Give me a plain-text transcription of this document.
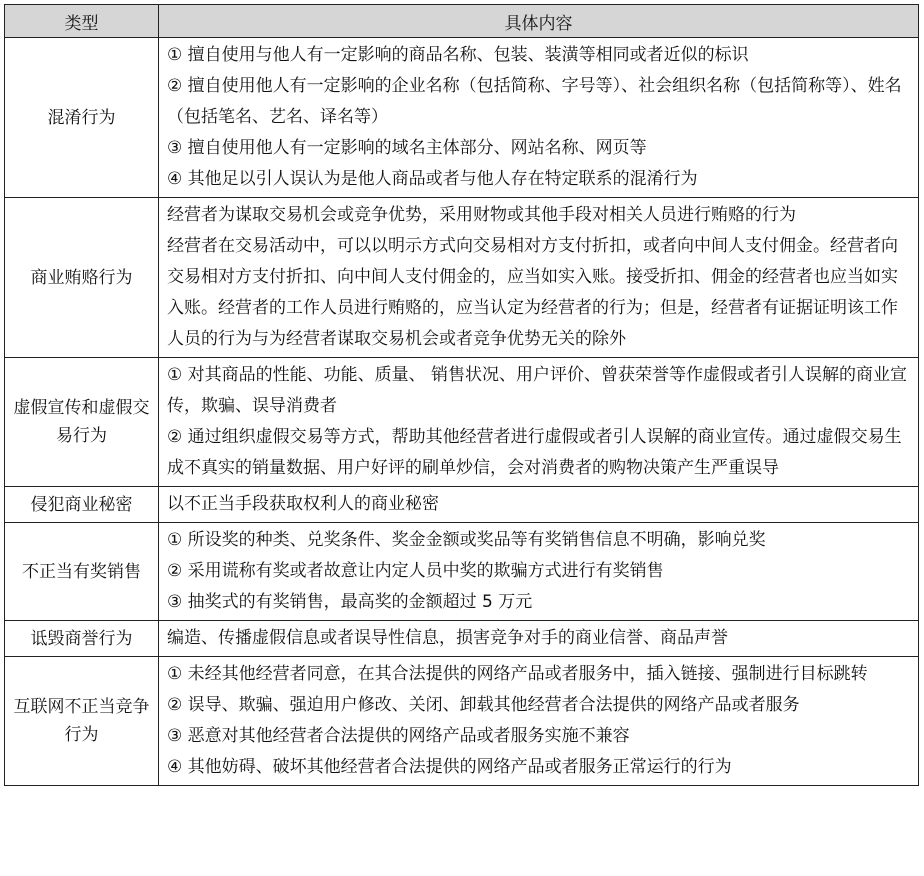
类型	具体内容
混淆行为	① 擅自使用与他人有一定影响的商品名称、包装、装潢等相同或者近似的标识
② 擅自使用他人有一定影响的企业名称（包括简称、字号等）、社会组织名称（包括简称等）、姓名（包括笔名、艺名、译名等）
③ 擅自使用他人有一定影响的域名主体部分、网站名称、网页等
④ 其他足以引人误认为是他人商品或者与他人存在特定联系的混淆行为

商业贿赂行为	经营者为谋取交易机会或竞争优势，采用财物或其他手段对相关人员进行贿赂的行为
经营者在交易活动中，可以以明示方式向交易相对方支付折扣，或者向中间人支付佣金。经营者向交易相对方支付折扣、向中间人支付佣金的，应当如实入账。接受折扣、佣金的经营者也应当如实入账。经营者的工作人员进行贿赂的，应当认定为经营者的行为；但是，经营者有证据证明该工作人员的行为与为经营者谋取交易机会或者竞争优势无关的除外

虚假宣传和虚假交易行为	① 对其商品的性能、功能、质量、 销售状况、用户评价、曾获荣誉等作虚假或者引人误解的商业宣传，欺骗、误导消费者
② 通过组织虚假交易等方式，帮助其他经营者进行虚假或者引人误解的商业宣传。通过虚假交易生成不真实的销量数据、用户好评的刷单炒信，会对消费者的购物决策产生严重误导

侵犯商业秘密	以不正当手段获取权利人的商业秘密

不正当有奖销售	① 所设奖的种类、兑奖条件、奖金金额或奖品等有奖销售信息不明确，影响兑奖
② 采用谎称有奖或者故意让内定人员中奖的欺骗方式进行有奖销售
③ 抽奖式的有奖销售，最高奖的金额超过 5 万元

诋毁商誉行为	编造、传播虚假信息或者误导性信息，损害竞争对手的商业信誉、商品声誉

互联网不正当竞争行为	① 未经其他经营者同意，在其合法提供的网络产品或者服务中，插入链接、强制进行目标跳转
② 误导、欺骗、强迫用户修改、关闭、卸载其他经营者合法提供的网络产品或者服务
③ 恶意对其他经营者合法提供的网络产品或者服务实施不兼容
④ 其他妨碍、破坏其他经营者合法提供的网络产品或者服务正常运行的行为
